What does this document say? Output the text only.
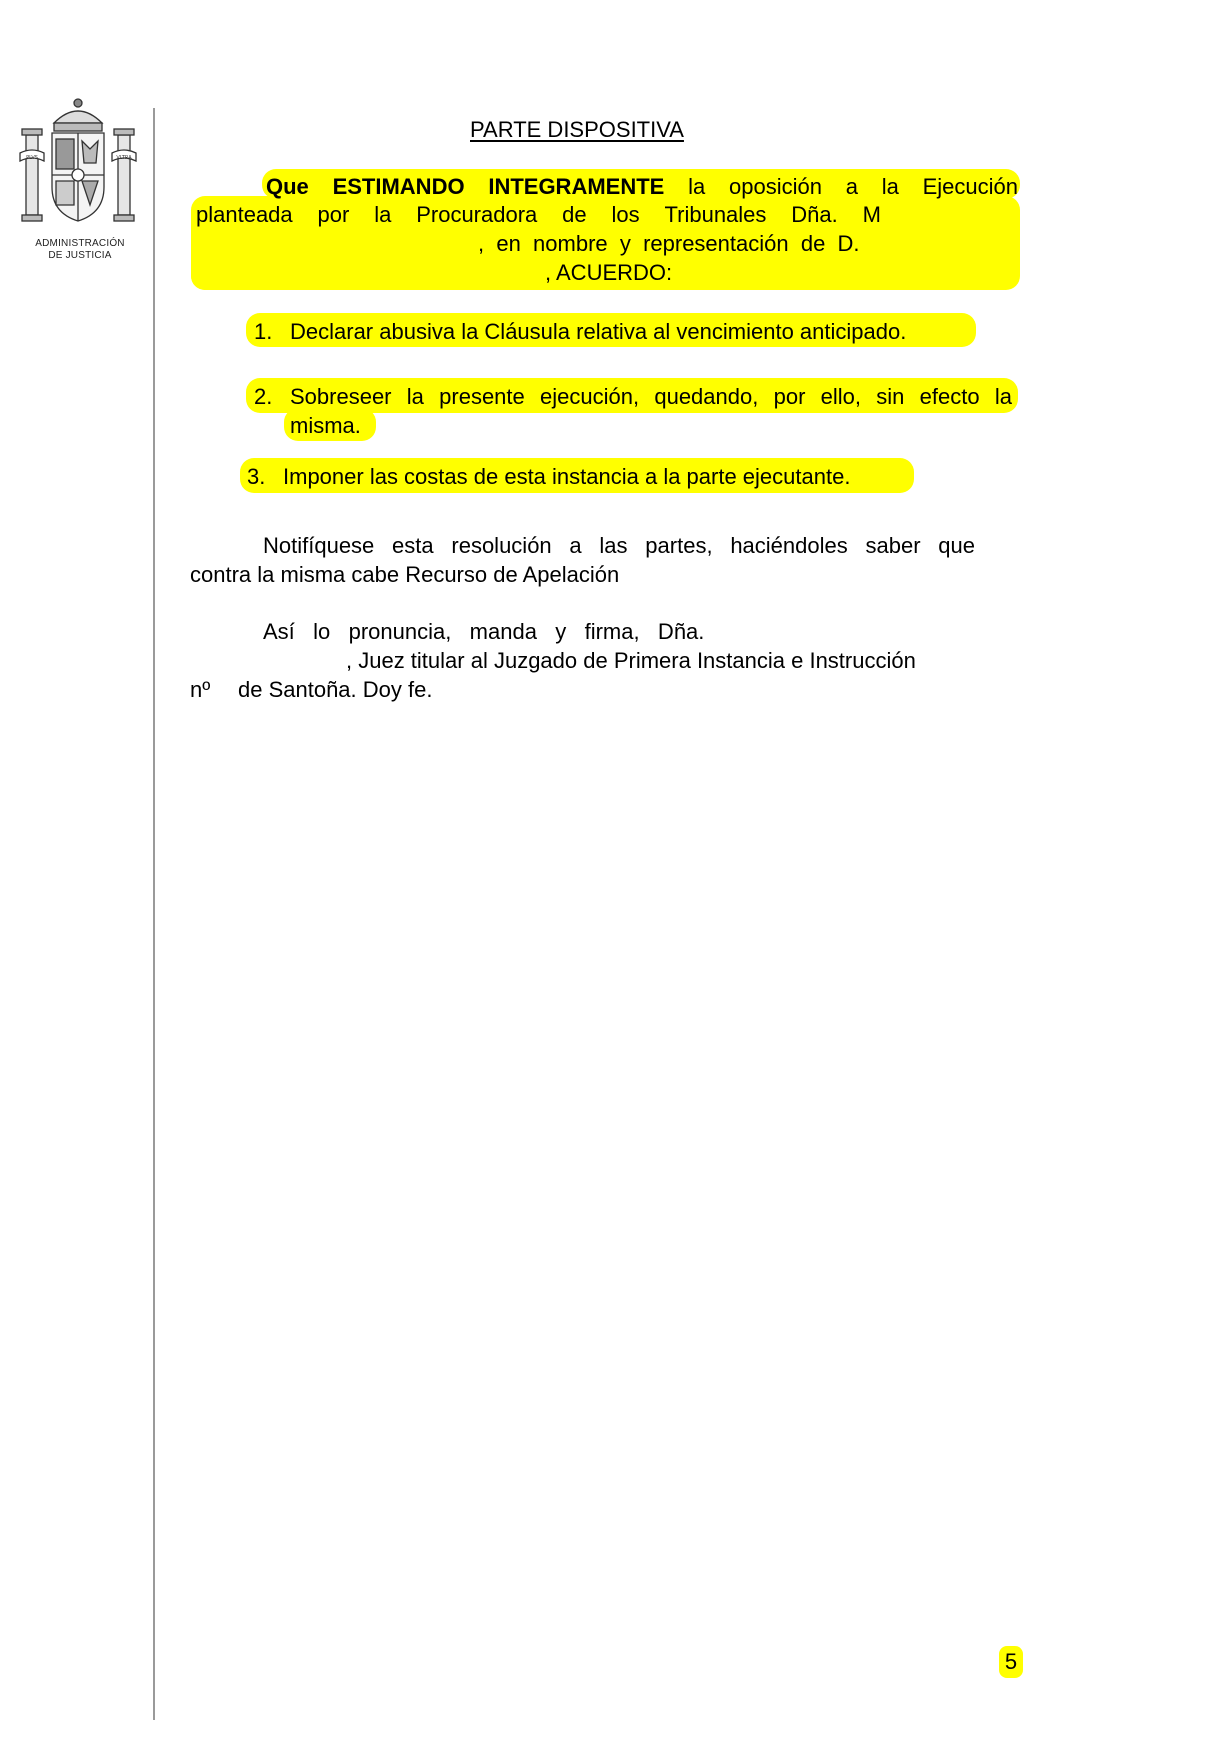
PLVS	VLTRA
ADMINISTRACIÓN
DE JUSTICIA
PARTE DISPOSITIVA
Que ESTIMANDO INTEGRAMENTE la oposición a la Ejecución
planteada por la Procuradora de los Tribunales Dña. M
,  en  nombre  y  representación  de  D.
, ACUERDO:
1. Declarar abusiva la Cláusula relativa al vencimiento anticipado.
2. Sobreseer la presente ejecución, quedando, por ello, sin efecto la
misma.
3. Imponer las costas de esta instancia a la parte ejecutante.
Notifíquese esta resolución a las partes, haciéndoles saber que
contra la misma cabe Recurso de Apelación
Así   lo   pronuncia,   manda   y   firma,   Dña.
, Juez titular al Juzgado de Primera Instancia e Instrucción
nº de Santoña. Doy fe.
5
